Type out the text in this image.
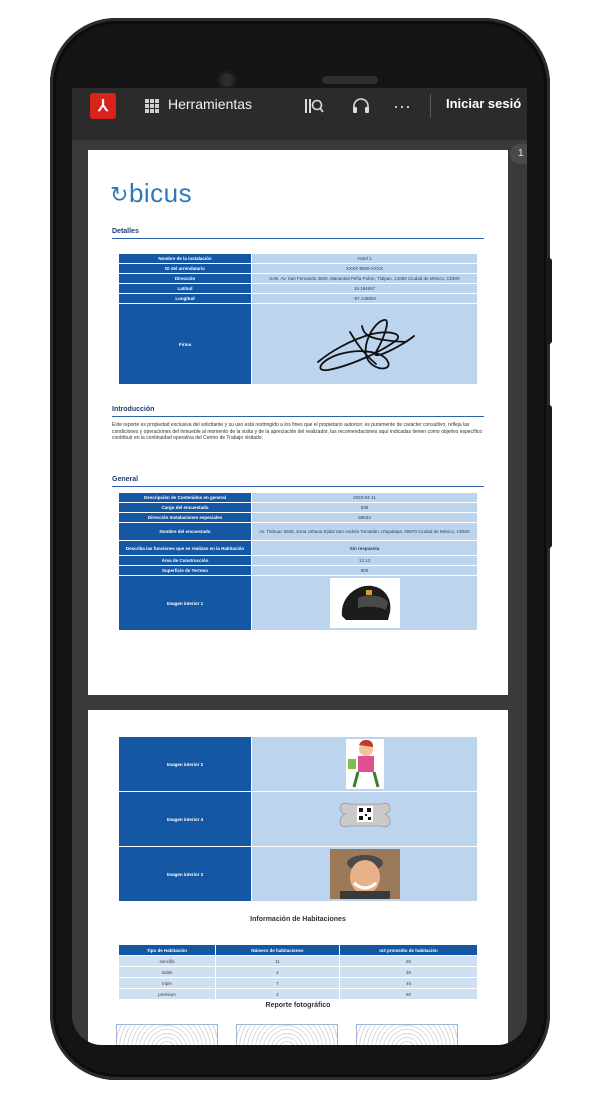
⅄	Herramientas	···	Iniciar sesió
↻bicus
Detalles
Nombre de la instalación	Hotel 1
ID del arrendatario	XXXX-9000-XXXX
Dirección	SAB. Av. San Fernando 3500, Manantial Peña Pobre, Tlalpan, 14060 Ciudad de México, CDMX
Latitud	19.184697
Longitud	-97.148804
Firma	
Introducción
Este reporte es propiedad exclusiva del solicitante y su uso está restringido a los fines que el propietario autorice; es puramente de carácter consultivo, refleja las condiciones y operaciones del inmueble al momento de la visita y de la apreciación del realizador, las recomendaciones aquí indicadas tienen como objetivo específico contribuir en la continuidad operativa del Centro de Trabajo visitado.
General
Descripción de Contenidos en general	2023-04-11
Cargo del encuestado	535
Dirección Instalaciones especiales	88633
Nombre del encuestado	Av. Tlahuac 5845, Zona Urbana Ejidal San Andrés Tomatlán, Iztapalapa, 09870 Ciudad de México, CDMX
Describa las funciones que se realizan en la Habitación	Sin respuesta
Área de Construcción	12.13
Superficie de Terreno	800
Imagen interior 1	
Imagen interior 2	
Imagen interior 4	
Imagen interior 3	
Información de Habitaciones
Tipo de Habitación	Número de habitaciones	m2 promedio de habitación
sencilla	11	25
doble	4	30
triple	7	45
premium	2	60
Reporte fotográfico
1
